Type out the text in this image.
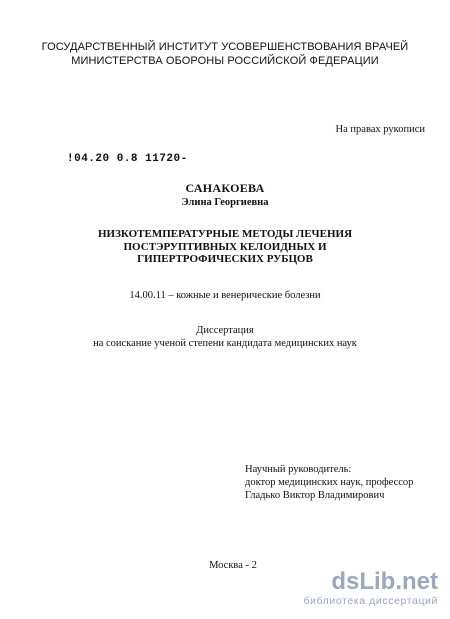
ГОСУДАРСТВЕННЫЙ ИНСТИТУТ УСОВЕРШЕНСТВОВАНИЯ ВРАЧЕЙ
МИНИСТЕРСТВА ОБОРОНЫ РОССИЙСКОЙ ФЕДЕРАЦИИ
На правах рукописи
!04.20 0.8 11720-
САНАКОЕВА
Элина Георгиевна
НИЗКОТЕМПЕРАТУРНЫЕ МЕТОДЫ ЛЕЧЕНИЯ
ПОСТЭРУПТИВНЫХ КЕЛОИДНЫХ И
ГИПЕРТРОФИЧЕСКИХ РУБЦОВ
14.00.11 – кожные и венерические болезни
Диссертация
на соискание ученой степени кандидата медицинских наук
Научный руководитель:
доктор медицинских наук, профессор
Гладько Виктор Владимирович
Москва - 2
dsLib.net
библиотека диссертаций
